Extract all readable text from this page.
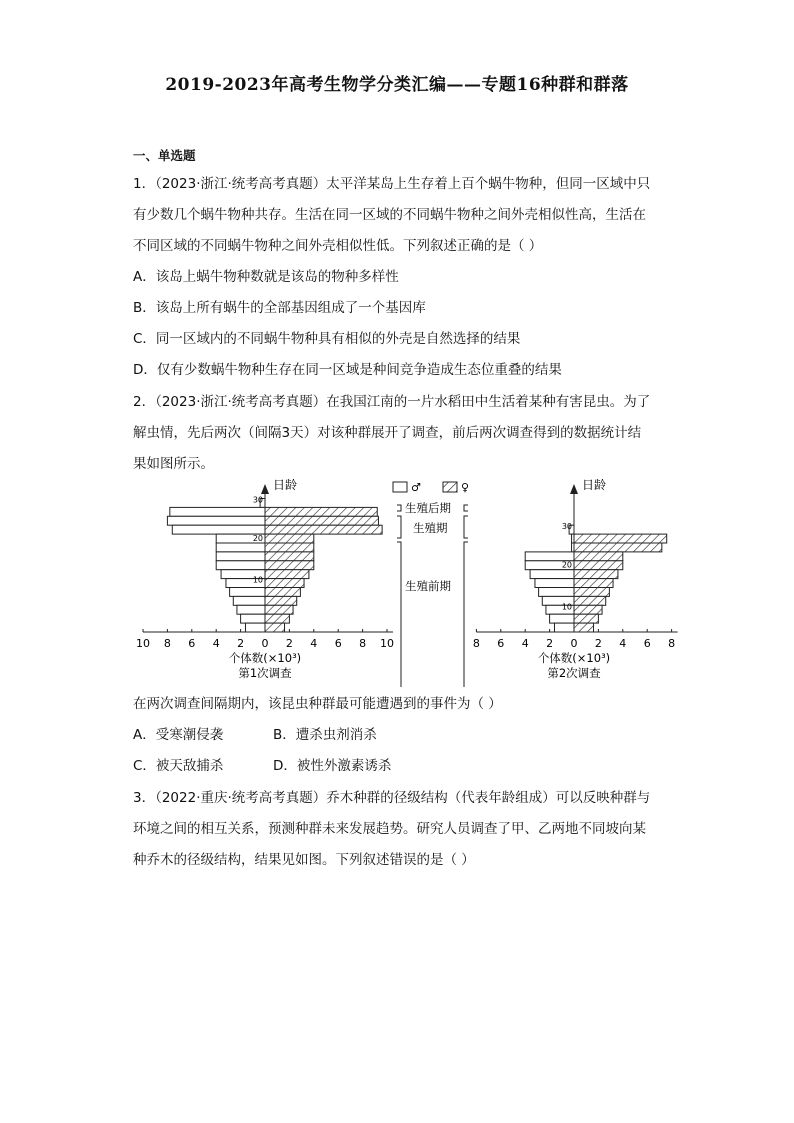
2019-2023年高考生物学分类汇编——专题16种群和群落
一、单选题
1．（2023·浙江·统考高考真题）太平洋某岛上生存着上百个蜗牛物种，但同一区域中只
有少数几个蜗牛物种共存。生活在同一区域的不同蜗牛物种之间外壳相似性高，生活在
不同区域的不同蜗牛物种之间外壳相似性低。下列叙述正确的是（ ）
A．该岛上蜗牛物种数就是该岛的物种多样性
B．该岛上所有蜗牛的全部基因组成了一个基因库
C．同一区域内的不同蜗牛物种具有相似的外壳是自然选择的结果
D．仅有少数蜗牛物种生存在同一区域是种间竞争造成生态位重叠的结果
2．（2023·浙江·统考高考真题）在我国江南的一片水稻田中生活着某种有害昆虫。为了
解虫情，先后两次（间隔3天）对该种群展开了调查，前后两次调查得到的数据统计结
果如图所示。
日龄
30
20
10
10 8 6 4 2 0 2 4 6 8 10
个体数(×10³)
第1次调查
日龄
30
20
10
8 6 4 2 0 2 4 6 8
个体数(×10³)
第2次调查
♂	♀
生殖后期
生殖期
生殖前期
在两次调查间隔期内，该昆虫种群最可能遭遇到的事件为（ ）
A．受寒潮侵袭	B．遭杀虫剂消杀
C．被天敌捕杀	D．被性外激素诱杀
3．（2022·重庆·统考高考真题）乔木种群的径级结构（代表年龄组成）可以反映种群与
环境之间的相互关系，预测种群未来发展趋势。研究人员调查了甲、乙两地不同坡向某
种乔木的径级结构，结果见如图。下列叙述错误的是（ ）
